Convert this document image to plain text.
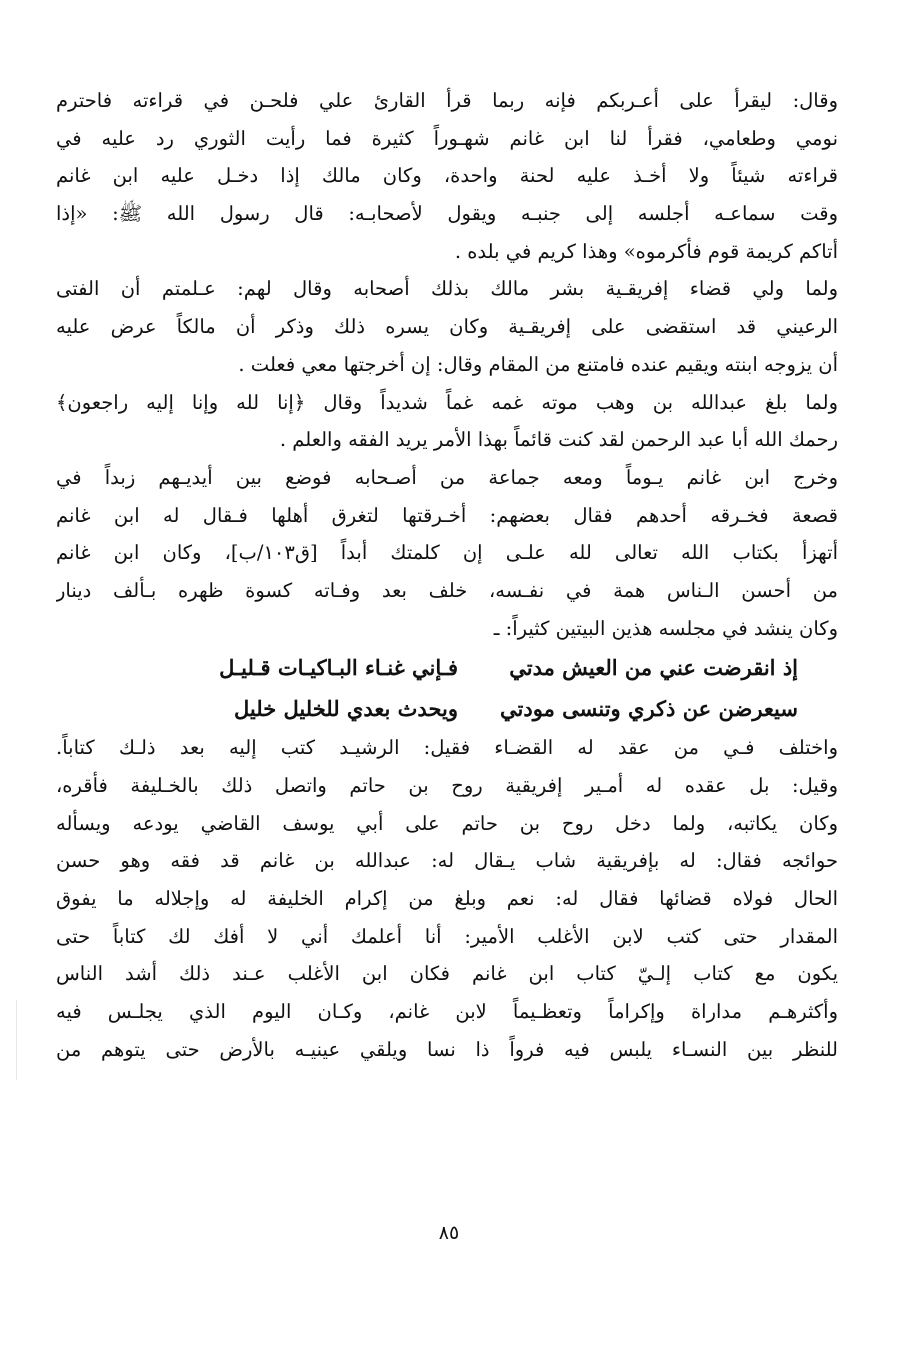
وقال: ليقرأ على أعـربكم فإنه ربما قرأ القارئ علي فلحـن في قراءته فاحترم
نومي وطعامي، فقرأ لنا ابن غانم شهـوراً كثيرة فما رأيت الثوري رد عليه في
قراءته شيئاً ولا أخـذ عليه لحنة واحدة، وكان مالك إذا دخـل عليه ابن غانم
وقت سماعـه أجلسه إلى جنبـه ويقول لأصحابـه: قال رسول الله ﷺ: «إذا
أتاكم كريمة قوم فأكرموه» وهذا كريم في بلده .
ولما ولي قضاء إفريقـية بشر مالك بذلك أصحابه وقال لهم: عـلمتم أن الفتى
الرعيني قد استقضى على إفريقـية وكان يسره ذلك وذكر أن مالكاً عرض عليه
أن يزوجه ابنته ويقيم عنده فامتنع من المقام وقال: إن أخرجتها معي فعلت .
ولما بلغ عبدالله بن وهب موته غمه غماً شديداً وقال ﴿إنا لله وإنا إليه راجعون﴾
رحمك الله أبا عبد الرحمن لقد كنت قائماً بهذا الأمر يريد الفقه والعلم .
وخرج ابن غانم يـوماً ومعه جماعة من أصـحابه فوضع بين أيديـهم زبداً في
قصعة فخـرقه أحدهم فقال بعضهم: أخـرقتها لتغرق أهلها فـقال له ابن غانم
أتهزأ بكتاب الله تعالى لله علـى إن كلمتك أبداً [ق١٠٣/ب]، وكان ابن غانم
من أحسن الـناس همة في نفـسه، خلف بعد وفـاته كسوة ظهره بـألف دينار
وكان ينشد في مجلسه هذين البيتين كثيراً: ـ
إذ انقرضت عني من العيش مدتي
فـإني غنـاء البـاكيـات قـليـل
سيعرضن عن ذكري وتنسى مودتي
ويحدث بعدي للخليل خليل
واختلف فـي من عقد له القضـاء فقيل: الرشيـد كتب إليه بعد ذلـك كتاباً.
وقيل: بل عقده له أمـير إفريقية روح بن حاتم واتصل ذلك بالخـليفة فأقره،
وكان يكاتبه، ولما دخل روح بن حاتم على أبي يوسف القاضي يودعه ويسأله
حوائجه فقال: له بإفريقية شاب يـقال له: عبدالله بن غانم قد فقه وهو حسن
الحال فولاه قضائها فقال له: نعم وبلغ من إكرام الخليفة له وإجلاله ما يفوق
المقدار حتى كتب لابن الأغلب الأمير: أنا أعلمك أني لا أفك لك كتاباً حتى
يكون مع كتاب إلـيّ كتاب ابن غانم فكان ابن الأغلب عـند ذلك أشد الناس
وأكثرهـم مداراة وإكراماً وتعظـيماً لابن غانم، وكـان اليوم الذي يجلـس فيه
للنظر بين النسـاء يلبس فيه فرواً ذا نسا ويلقي عينيـه بالأرض حتى يتوهم من
٨٥
